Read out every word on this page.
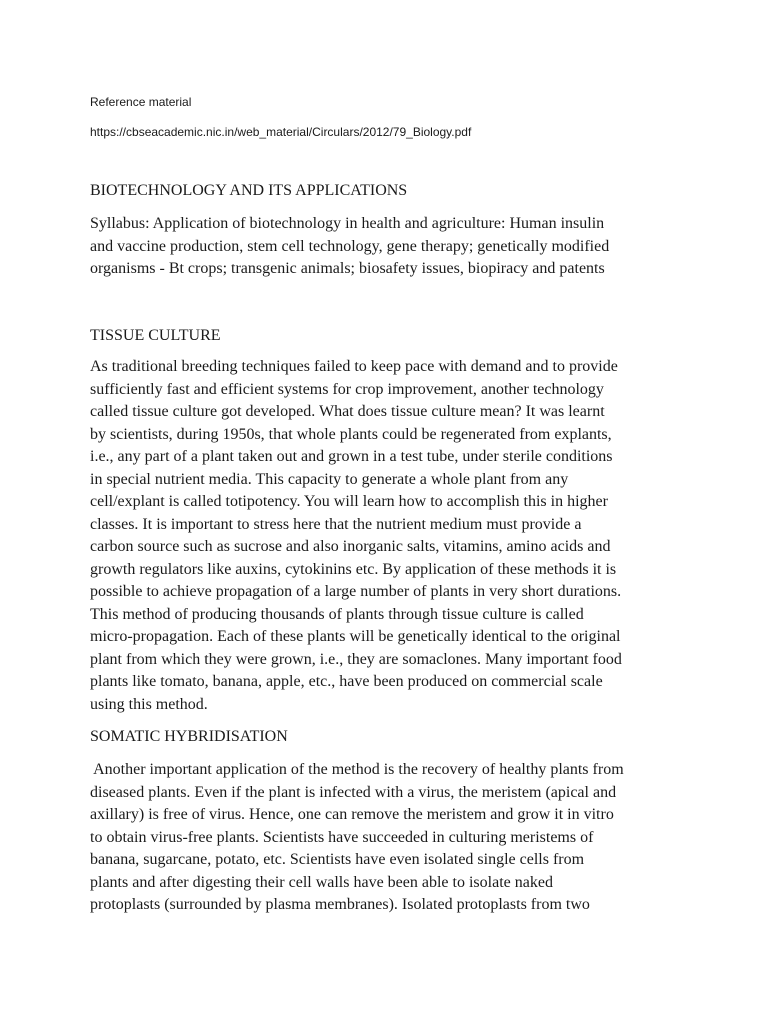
Reference material
https://cbseacademic.nic.in/web_material/Circulars/2012/79_Biology.pdf
BIOTECHNOLOGY AND ITS APPLICATIONS
Syllabus: Application of biotechnology in health and agriculture: Human insulin
and vaccine production, stem cell technology, gene therapy; genetically modified
organisms - Bt crops; transgenic animals; biosafety issues, biopiracy and patents
TISSUE CULTURE
As traditional breeding techniques failed to keep pace with demand and to provide
sufficiently fast and efficient systems for crop improvement, another technology
called tissue culture got developed. What does tissue culture mean? It was learnt
by scientists, during 1950s, that whole plants could be regenerated from explants,
i.e., any part of a plant taken out and grown in a test tube, under sterile conditions
in special nutrient media. This capacity to generate a whole plant from any
cell/explant is called totipotency. You will learn how to accomplish this in higher
classes. It is important to stress here that the nutrient medium must provide a
carbon source such as sucrose and also inorganic salts, vitamins, amino acids and
growth regulators like auxins, cytokinins etc. By application of these methods it is
possible to achieve propagation of a large number of plants in very short durations.
This method of producing thousands of plants through tissue culture is called
micro-propagation. Each of these plants will be genetically identical to the original
plant from which they were grown, i.e., they are somaclones. Many important food
plants like tomato, banana, apple, etc., have been produced on commercial scale
using this method.
SOMATIC HYBRIDISATION
Another important application of the method is the recovery of healthy plants from
diseased plants. Even if the plant is infected with a virus, the meristem (apical and
axillary) is free of virus. Hence, one can remove the meristem and grow it in vitro
to obtain virus-free plants. Scientists have succeeded in culturing meristems of
banana, sugarcane, potato, etc. Scientists have even isolated single cells from
plants and after digesting their cell walls have been able to isolate naked
protoplasts (surrounded by plasma membranes). Isolated protoplasts from two
